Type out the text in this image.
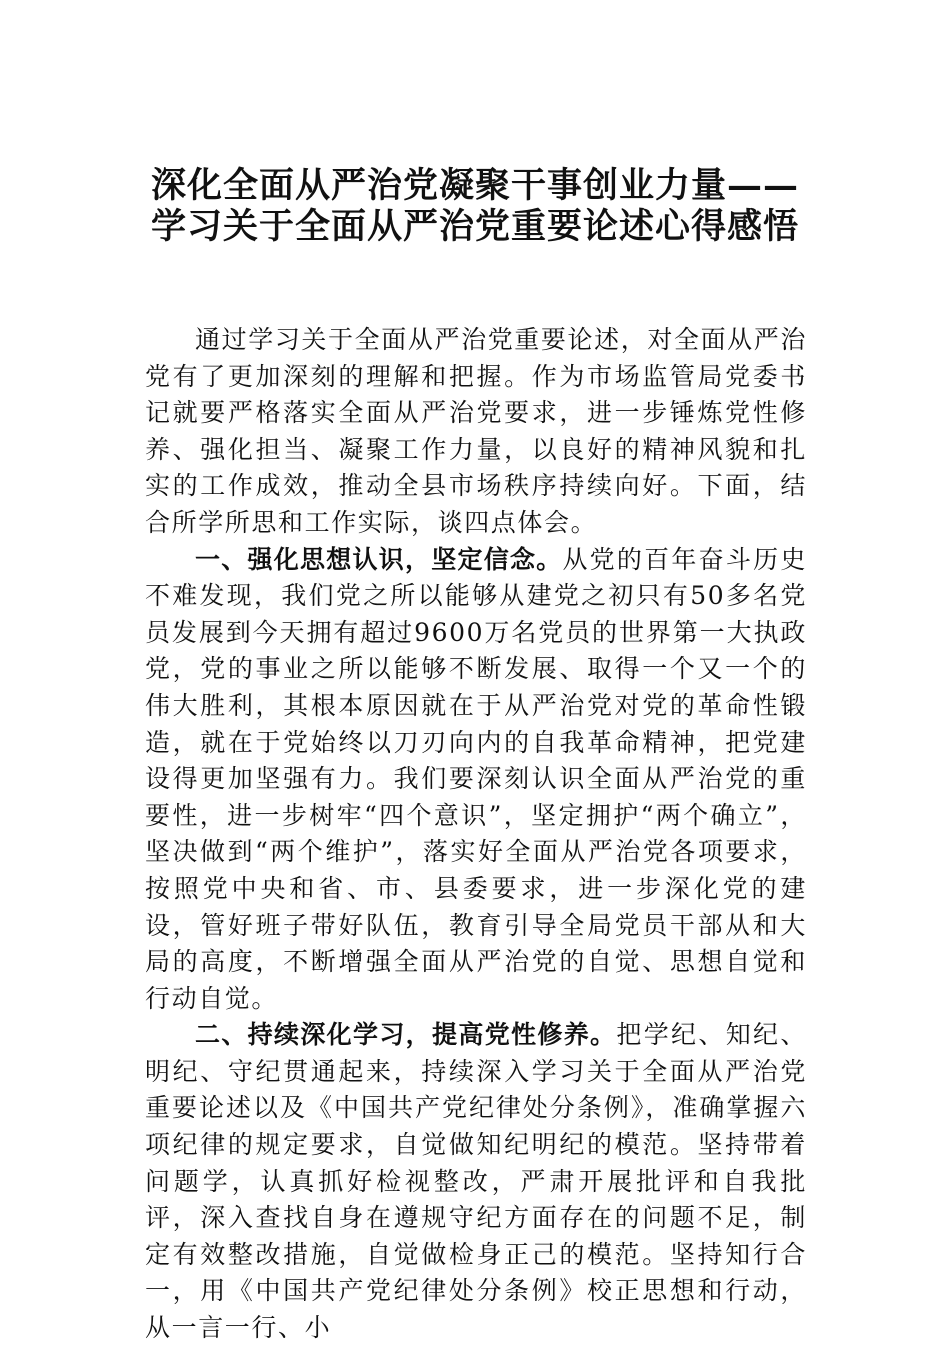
深化全面从严治党凝聚干事创业力量——
学习关于全面从严治党重要论述心得感悟

通过学习关于全面从严治党重要论述，对全面从严治党有了更加深刻的理解和把握。作为市场监管局党委书记就要严格落实全面从严治党要求，进一步锤炼党性修养、强化担当、凝聚工作力量，以良好的精神风貌和扎实的工作成效，推动全县市场秩序持续向好。下面，结合所学所思和工作实际，谈四点体会。

一、强化思想认识，坚定信念。从党的百年奋斗历史不难发现，我们党之所以能够从建党之初只有50多名党员发展到今天拥有超过9600万名党员的世界第一大执政党，党的事业之所以能够不断发展、取得一个又一个的伟大胜利，其根本原因就在于从严治党对党的革命性锻造，就在于党始终以刀刃向内的自我革命精神，把党建设得更加坚强有力。我们要深刻认识全面从严治党的重要性，进一步树牢“四个意识”，坚定拥护“两个确立”，坚决做到“两个维护”，落实好全面从严治党各项要求，按照党中央和省、市、县委要求，进一步深化党的建设，管好班子带好队伍，教育引导全局党员干部从和大局的高度，不断增强全面从严治党的自觉、思想自觉和行动自觉。

二、持续深化学习，提高党性修养。把学纪、知纪、明纪、守纪贯通起来，持续深入学习关于全面从严治党重要论述以及《中国共产党纪律处分条例》，准确掌握六项纪律的规定要求，自觉做知纪明纪的模范。坚持带着问题学，认真抓好检视整改，严肃开展批评和自我批评，深入查找自身在遵规守纪方面存在的问题不足，制定有效整改措施，自觉做检身正己的模范。坚持知行合一，用《中国共产党纪律处分条例》校正思想和行动，从一言一行、小
